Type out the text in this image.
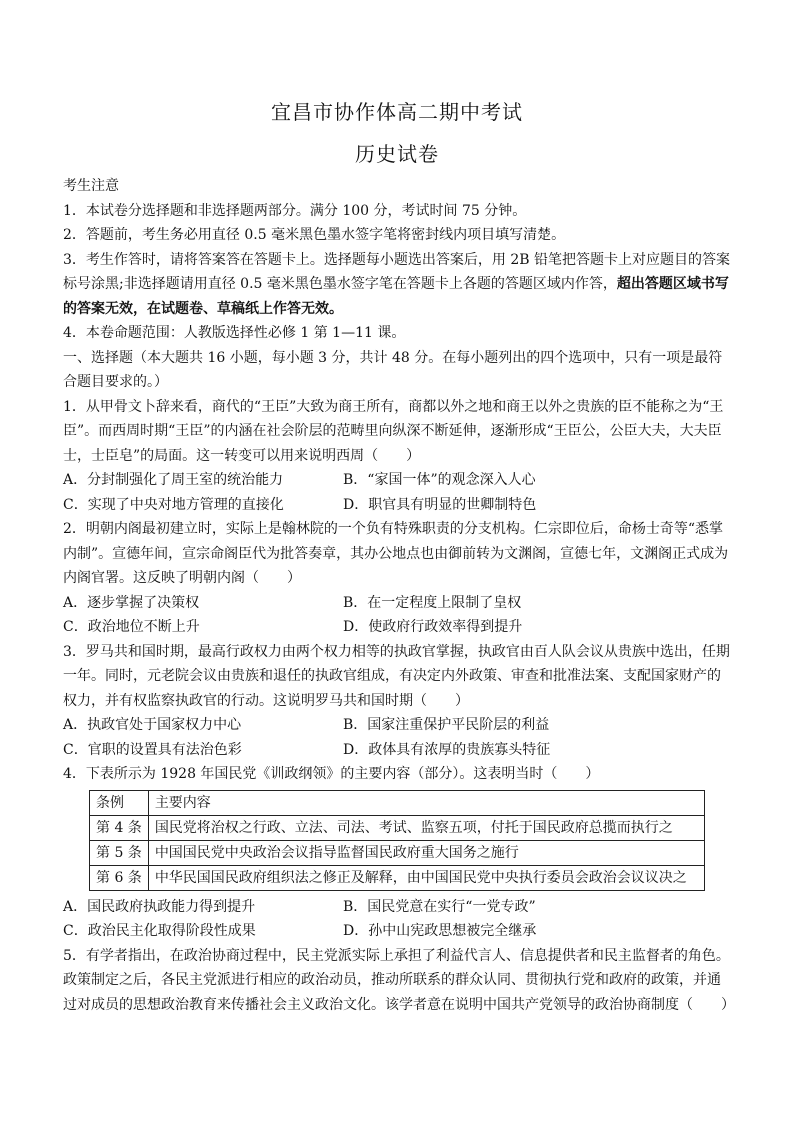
宜昌市协作体高二期中考试
历史试卷

考生注意

1．本试卷分选择题和非选择题两部分。满分 100 分，考试时间 75 分钟。

2．答题前，考生务必用直径 0.5 毫米黑色墨水签字笔将密封线内项目填写清楚。

3．考生作答时，请将答案答在答题卡上。选择题每小题选出答案后，用 2B 铅笔把答题卡上对应题目的答案标号涂黑;非选择题请用直径 0.5 毫米黑色墨水签字笔在答题卡上各题的答题区域内作答，超出答题区域书写的答案无效，在试题卷、草稿纸上作答无效。

4．本卷命题范围：人教版选择性必修 1 第 1—11 课。

一、选择题（本大题共 16 小题，每小题 3 分，共计 48 分。在每小题列出的四个选项中，只有一项是最符合题目要求的。）

1．从甲骨文卜辞来看，商代的“王臣”大致为商王所有，商都以外之地和商王以外之贵族的臣不能称之为“王臣”。而西周时期“王臣”的内涵在社会阶层的范畴里向纵深不断延伸，逐渐形成“王臣公，公臣大夫，大夫臣士，士臣皂”的局面。这一转变可以用来说明西周（　　）

A．分封制强化了周王室的统治能力	B．“家国一体”的观念深入人心
C．实现了中央对地方管理的直接化	D．职官具有明显的世卿制特色

2．明朝内阁最初建立时，实际上是翰林院的一个负有特殊职责的分支机构。仁宗即位后，命杨士奇等“悉掌内制”。宣德年间，宣宗命阁臣代为批答奏章，其办公地点也由御前转为文渊阁，宣德七年，文渊阁正式成为内阁官署。这反映了明朝内阁（　　）

A．逐步掌握了决策权	B．在一定程度上限制了皇权
C．政治地位不断上升	D．使政府行政效率得到提升

3．罗马共和国时期，最高行政权力由两个权力相等的执政官掌握，执政官由百人队会议从贵族中选出，任期一年。同时，元老院会议由贵族和退任的执政官组成，有决定内外政策、审查和批准法案、支配国家财产的权力，并有权监察执政官的行动。这说明罗马共和国时期（　　）

A．执政官处于国家权力中心	B．国家注重保护平民阶层的利益
C．官职的设置具有法治色彩	D．政体具有浓厚的贵族寡头特征

4．下表所示为 1928 年国民党《训政纲领》的主要内容（部分）。这表明当时（　　）

条例	主要内容
第 4 条	国民党将治权之行政、立法、司法、考试、监察五项，付托于国民政府总揽而执行之
第 5 条	中国国民党中央政治会议指导监督国民政府重大国务之施行
第 6 条	中华民国国民政府组织法之修正及解释，由中国国民党中央执行委员会政治会议议决之
A．国民政府执政能力得到提升	B．国民党意在实行“一党专政”
C．政治民主化取得阶段性成果	D．孙中山宪政思想被完全继承

5．有学者指出，在政治协商过程中，民主党派实际上承担了利益代言人、信息提供者和民主监督者的角色。政策制定之后，各民主党派进行相应的政治动员，推动所联系的群众认同、贯彻执行党和政府的政策，并通过对成员的思想政治教育来传播社会主义政治文化。该学者意在说明中国共产党领导的政治协商制度（　　）
